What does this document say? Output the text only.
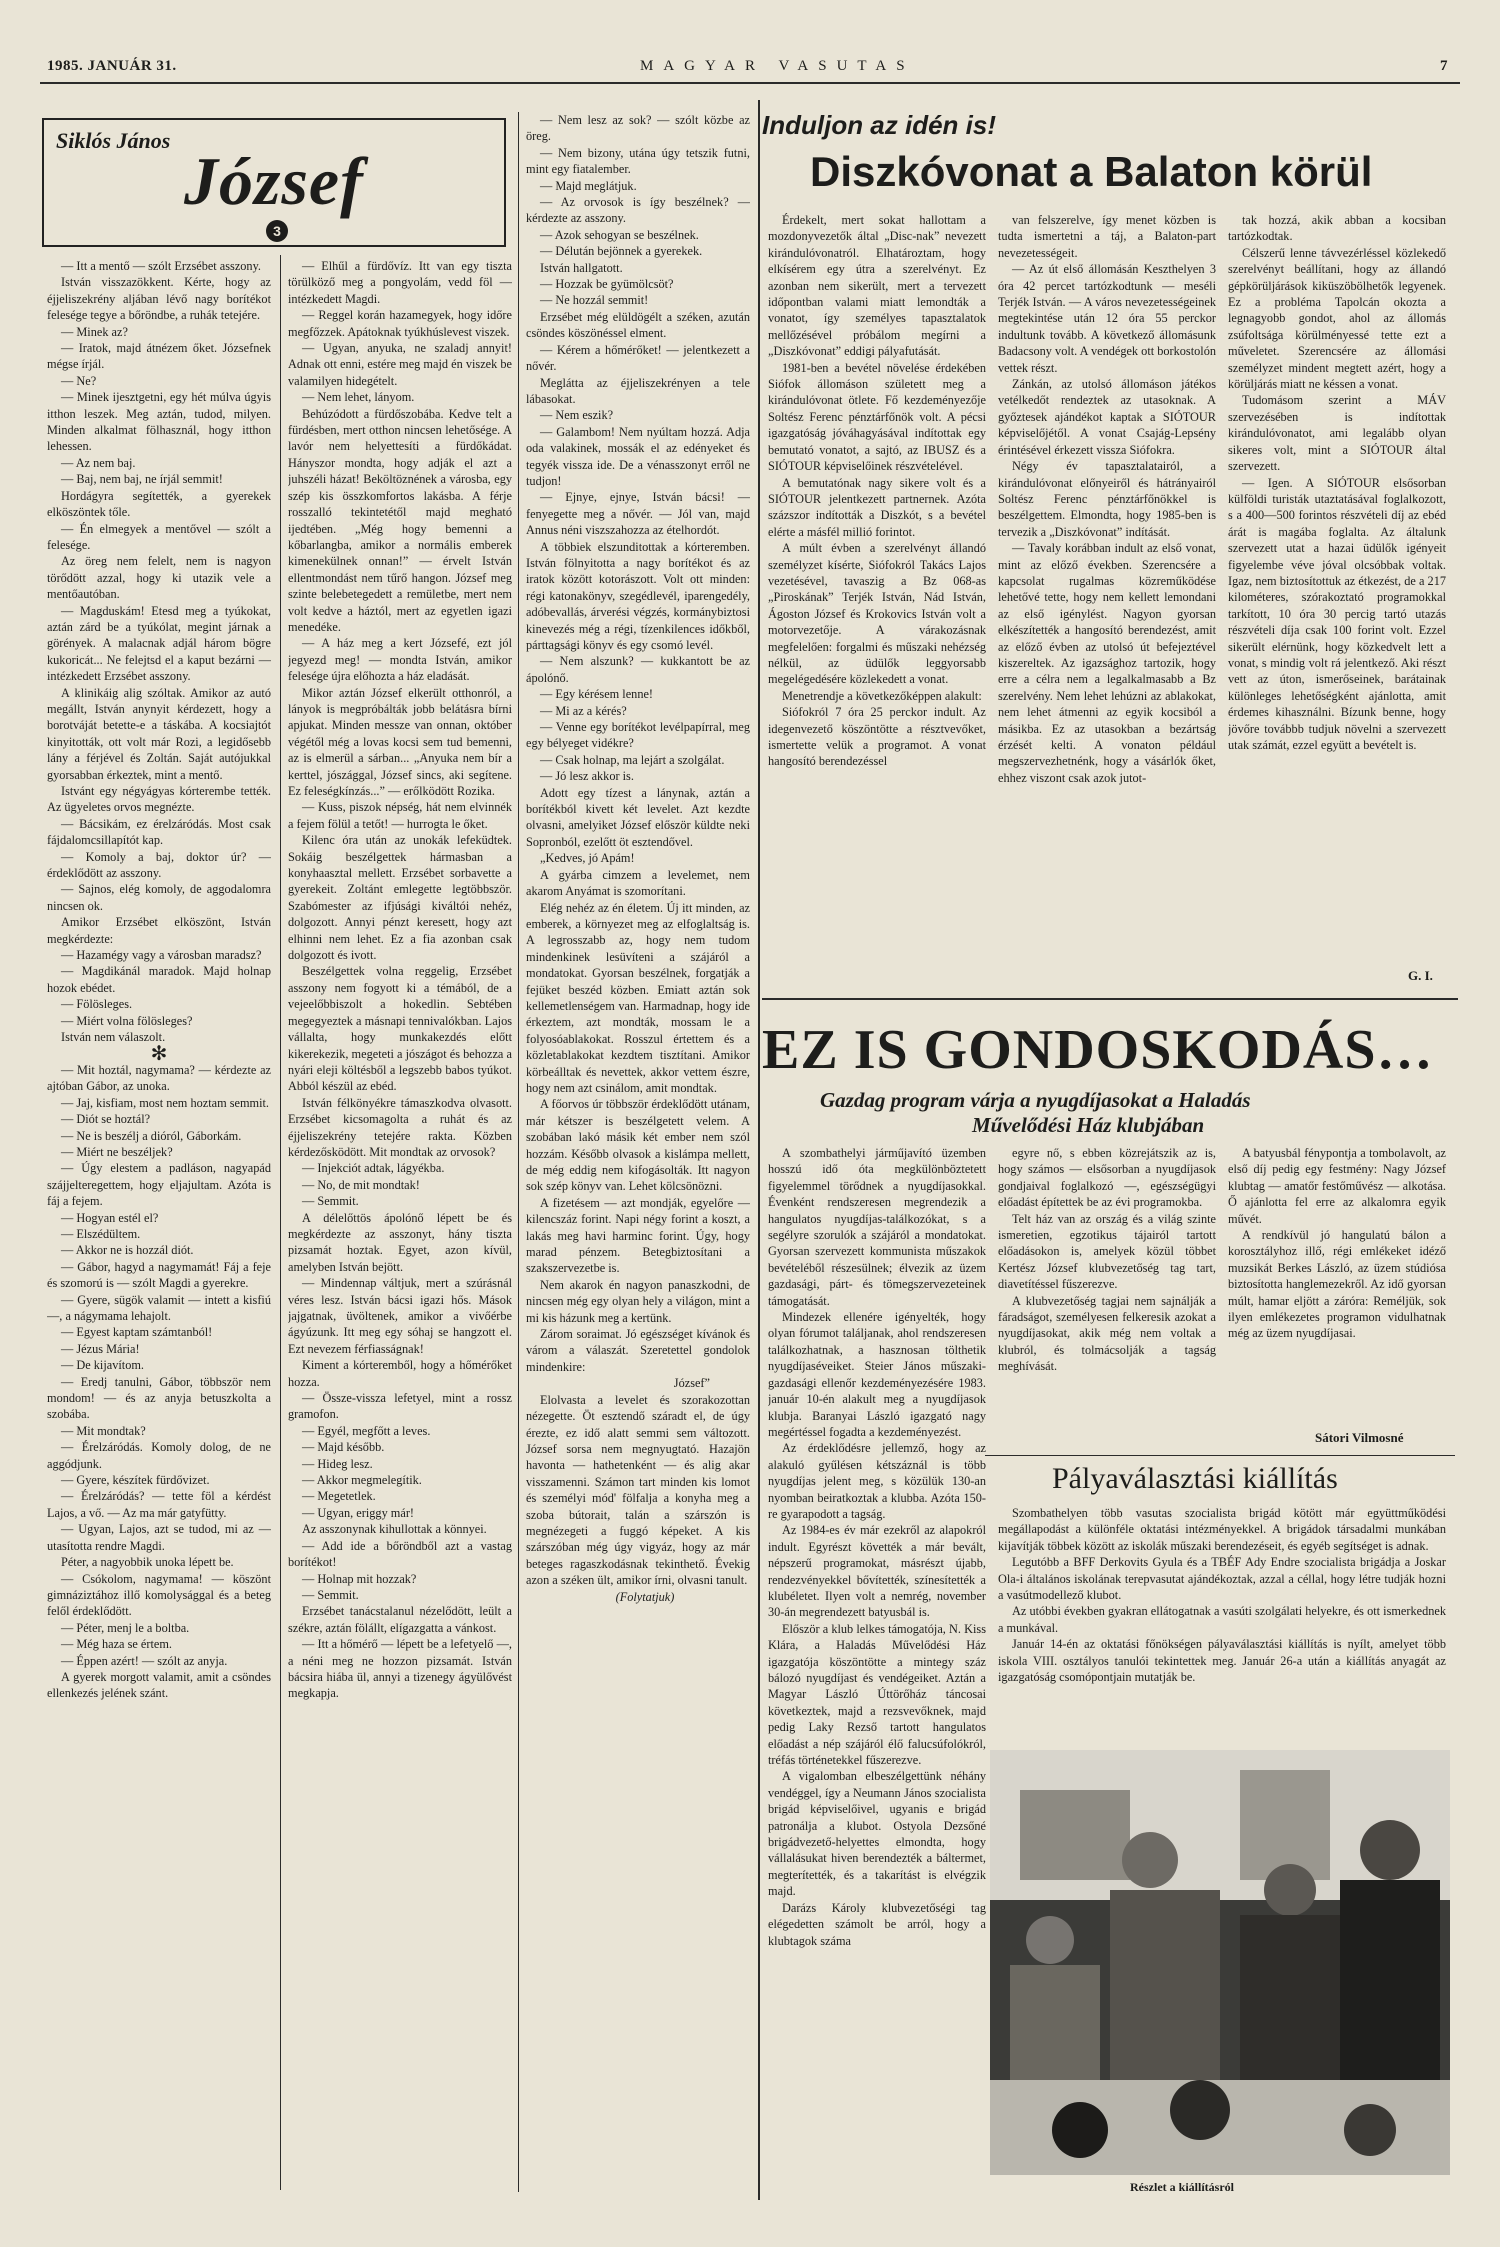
1985. JANUÁR 31.	MAGYAR VASUTAS	7
Siklós János
József
3

— Itt a mentő — szólt Erzsébet asszony.

István visszazökkent. Kérte, hogy az éjjeliszekrény aljában lévő nagy borítékot felesége tegye a bőröndbe, a ruhák tetejére.

— Minek az?

— Iratok, majd átnézem őket. Józsefnek mégse írjál.

— Ne?

— Minek ijesztgetni, egy hét múlva úgyis itthon leszek. Meg aztán, tudod, milyen. Minden alkalmat fölhasznál, hogy itthon lehessen.

— Az nem baj.

— Baj, nem baj, ne írjál semmit!

Hordágyra segítették, a gyerekek elköszöntek tőle.

— Én elmegyek a mentővel — szólt a felesége.

Az öreg nem felelt, nem is nagyon törődött azzal, hogy ki utazik vele a mentőautóban.

— Magduskám! Etesd meg a tyúkokat, aztán zárd be a tyúkólat, megint járnak a görények. A malacnak adjál három bögre kukoricát... Ne felejtsd el a kaput bezárni — intézkedett Erzsébet asszony.

A klinikáig alig szóltak. Amikor az autó megállt, István anynyit kérdezett, hogy a borotváját betette-e a táskába. A kocsiajtót kinyitották, ott volt már Rozi, a legidősebb lány a férjével és Zoltán. Saját autójukkal gyorsabban érkeztek, mint a mentő.

Istvánt egy négyágyas kórterembe tették. Az ügyeletes orvos megnézte.

— Bácsikám, ez érelzáródás. Most csak fájdalomcsillapítót kap.

— Komoly a baj, doktor úr? — érdeklődött az asszony.

— Sajnos, elég komoly, de aggodalomra nincsen ok.

Amikor Erzsébet elköszönt, István megkérdezte:

— Hazamégy vagy a városban maradsz?

— Magdikánál maradok. Majd holnap hozok ebédet.

— Fölösleges.

— Miért volna fölösleges?

István nem válaszolt.

✻

— Mit hoztál, nagymama? — kérdezte az ajtóban Gábor, az unoka.

— Jaj, kisfiam, most nem hoztam semmit.

— Diót se hoztál?

— Ne is beszélj a dióról, Gáborkám.

— Miért ne beszéljek?

— Úgy elestem a padláson, nagyapád szájjelteregettem, hogy eljajultam. Azóta is fáj a fejem.

— Hogyan estél el?

— Elszédültem.

— Akkor ne is hozzál diót.

— Gábor, hagyd a nagymamát! Fáj a feje és szomorú is — szólt Magdi a gyerekre.

— Gyere, sügök valamit — intett a kisfiú —, a nágymama lehajolt.

— Egyest kaptam számtanból!

— Jézus Mária!

— De kijavítom.

— Eredj tanulni, Gábor, többször nem mondom! — és az anyja betuszkolta a szobába.

— Mit mondtak?

— Érelzáródás. Komoly dolog, de ne aggódjunk.

— Gyere, készítek fürdővizet.

— Érelzáródás? — tette föl a kérdést Lajos, a vő. — Az ma már gatyfütty.

— Ugyan, Lajos, azt se tudod, mi az — utasította rendre Magdi.

Péter, a nagyobbik unoka lépett be.

— Csókolom, nagymama! — köszönt gimnáziztához illő komolysággal és a beteg felől érdeklődött.

— Péter, menj le a boltba.

— Még haza se értem.

— Éppen azért! — szólt az anyja.

A gyerek morgott valamit, amit a csöndes ellenkezés jelének szánt.

— Elhűl a fürdővíz. Itt van egy tiszta törülköző meg a pongyolám, vedd föl — intézkedett Magdi.

— Reggel korán hazamegyek, hogy időre megfőzzek. Apátoknak tyúkhúslevest viszek.

— Ugyan, anyuka, ne szaladj annyit! Adnak ott enni, estére meg majd én viszek be valamilyen hidegételt.

— Nem lehet, lányom.

Behúzódott a fürdőszobába. Kedve telt a fürdésben, mert otthon nincsen lehetősége. A lavór nem helyettesíti a fürdőkádat. Hányszor mondta, hogy adják el azt a juhszéli házat! Beköltöznének a városba, egy szép kis összkomfortos lakásba. A férje rosszalló tekintetétől majd megható ijedtében. „Még hogy bemenni a kőbarlangba, amikor a normális emberek kimenekülnek onnan!” — érvelt István ellentmondást nem tűrő hangon. József meg szinte belebetegedett a remületbe, mert nem volt kedve a háztól, mert az egyetlen igazi menedéke.

— A ház meg a kert Józsefé, ezt jól jegyezd meg! — mondta István, amikor felesége újra előhozta a ház eladását.

Mikor aztán József elkerült otthonról, a lányok is megpróbálták jobb belátásra bírni apjukat. Minden messze van onnan, október végétől még a lovas kocsi sem tud bemenni, az is elmerül a sárban... „Anyuka nem bír a kerttel, jószággal, József sincs, aki segítene. Ez feleségkínzás...” — erőlködött Rozika.

— Kuss, piszok népség, hát nem elvinnék a fejem fölül a tetőt! — hurrogta le őket.

Kilenc óra után az unokák lefeküdtek. Sokáig beszélgettek hármasban a konyhaasztal mellett. Erzsébet sorbavette a gyerekeit. Zoltánt emlegette legtöbbször. Szabómester az ifjúsági kiváltói nehéz, dolgozott. Annyi pénzt keresett, hogy azt elhinni nem lehet. Ez a fia azonban csak dolgozott és ivott.

Beszélgettek volna reggelig, Erzsébet asszony nem fogyott ki a témából, de a vejeelőbbiszolt a hokedlin. Sebtében megegyeztek a másnapi tennivalókban. Lajos vállalta, hogy munkakezdés előtt kikerekezik, megeteti a jószágot és behozza a nyári eleji költésből a legszebb babos tyúkot. Abból készül az ebéd.

István félkönyékre támaszkodva olvasott. Erzsébet kicsomagolta a ruhát és az éjjeliszekrény tetejére rakta. Közben kérdezősködött. Mit mondtak az orvosok?

— Injekciót adtak, lágyékba.

— No, de mit mondtak!

— Semmit.

A délelőttös ápolónő lépett be és megkérdezte az asszonyt, hány tiszta pizsamát hoztak. Egyet, azon kívül, amelyben István bejött.

— Mindennap váltjuk, mert a szúrásnál véres lesz. István bácsi igazi hős. Mások jajgatnak, üvöltenek, amikor a vivőérbe ágyúzunk. Itt meg egy sóhaj se hangzott el. Ezt nevezem férfiasságnak!

Kiment a kórteremből, hogy a hőmérőket hozza.

— Össze-vissza lefetyel, mint a rossz gramofon.

— Egyél, megfőtt a leves.

— Majd később.

— Hideg lesz.

— Akkor megmelegítik.

— Megetetlek.

— Ugyan, eriggy már!

Az asszonynak kihullottak a könnyei.

— Add ide a bőröndből azt a vastag borítékot!

— Holnap mit hozzak?

— Semmit.

Erzsébet tanácstalanul nézelődött, leült a székre, aztán fölállt, elígazgatta a vánkost.

— Itt a hőmérő — lépett be a lefetyelő —, a néni meg ne hozzon pizsamát. István bácsira hiába ül, annyi a tizenegy ágyülővést megkapja.

— Nem lesz az sok? — szólt közbe az öreg.

— Nem bizony, utána úgy tetszik futni, mint egy fiatalember.

— Majd meglátjuk.

— Az orvosok is így beszélnek? — kérdezte az asszony.

— Azok sehogyan se beszélnek.

— Délután bejönnek a gyerekek.

István hallgatott.

— Hozzak be gyümölcsöt?

— Ne hozzál semmit!

Erzsébet még elüldögélt a széken, azután csöndes köszönéssel elment.

— Kérem a hőmérőket! — jelentkezett a nővér.

Meglátta az éjjeliszekrényen a tele lábasokat.

— Nem eszik?

— Galambom! Nem nyúltam hozzá. Adja oda valakinek, mossák el az edényeket és tegyék vissza ide. De a vénasszonyt erről ne tudjon!

— Ejnye, ejnye, István bácsi! — fenyegette meg a nővér. — Jól van, majd Annus néni viszszahozza az ételhordót.

A többiek elszunditottak a kórteremben. István fölnyitotta a nagy borítékot és az iratok között kotorászott. Volt ott minden: régi katonakönyv, szegédlevél, iparengedély, adóbevallás, árverési végzés, kormánybiztosi kinevezés még a régi, tízenkilences időkből, párttagsági könyv és egy csomó levél.

— Nem alszunk? — kukkantott be az ápolónő.

— Egy kérésem lenne!

— Mi az a kérés?

— Venne egy borítékot levélpapírral, meg egy bélyeget vidékre?

— Csak holnap, ma lejárt a szolgálat.

— Jó lesz akkor is.

Adott egy tízest a lánynak, aztán a borítékból kivett két levelet. Azt kezdte olvasni, amelyiket József először küldte neki Sopronból, ezelőtt öt esztendővel.

„Kedves, jó Apám!

A gyárba cimzem a levelemet, nem akarom Anyámat is szomorítani.

Elég nehéz az én életem. Új itt minden, az emberek, a környezet meg az elfoglaltság is. A legrosszabb az, hogy nem tudom mindenkinek lesüvíteni a szájáról a mondatokat. Gyorsan beszélnek, forgatják a fejüket beszéd közben. Emiatt aztán sok kellemetlenségem van. Harmadnap, hogy ide érkeztem, azt mondták, mossam le a folyosóablakokat. Rosszul értettem és a közletablakokat kezdtem tisztítani. Amikor körbeálltak és nevettek, akkor vettem észre, hogy nem azt csinálom, amit mondtak.

A főorvos úr többször érdeklődött utánam, már kétszer is beszélgetett velem. A szobában lakó másik két ember nem szól hozzám. Később olvasok a kislámpa mellett, de még eddig nem kifogásolták. Itt nagyon sok szép könyv van. Lehet kölcsönözni.

A fizetésem — azt mondják, egyelőre — kilencszáz forint. Napi négy forint a koszt, a lakás meg havi harminc forint. Úgy, hogy marad pénzem. Betegbiztosítani a szakszervezetbe is.

Nem akarok én nagyon panaszkodni, de nincsen még egy olyan hely a világon, mint a mi kis házunk meg a kertünk.

Zárom soraimat. Jó egészséget kívánok és várom a válaszát. Szeretettel gondolok mindenkire:

József”

Elolvasta a levelet és szorakozottan nézegette. Öt esztendő száradt el, de úgy érezte, ez idő alatt semmi sem változott. József sorsa nem megnyugtató. Hazajön havonta — hathetenként — és alig akar visszamenni. Számon tart minden kis lomot és személyi mód' fölfalja a konyha meg a szoba bútorait, talán a szárszón is megnézegeti a fuggó képeket. A kis szárszóban még úgy vigyáz, hogy az már beteges ragaszkodásnak tekinthető. Évekig azon a széken ült, amikor írni, olvasni tanult.

(Folytatjuk)

Induljon az idén is!
Diszkóvonat a Balaton körül

Érdekelt, mert sokat hallottam a mozdonyvezetők által „Disc-nak” nevezett kirándulóvonatról. Elhatároztam, hogy elkísérem egy útra a szerelvényt. Ez azonban nem sikerült, mert a tervezett időpontban valami miatt lemondták a vonatot, így személyes tapasztalatok mellőzésével próbálom megírni a „Diszkóvonat” eddigi pályafutását.

1981-ben a bevétel növelése érdekében Siófok állomáson született meg a kirándulóvonat ötlete. Fő kezdeményezője Soltész Ferenc pénztárfőnök volt. A pécsi igazgatóság jóváhagyásával indítottak egy bemutató vonatot, a sajtó, az IBUSZ és a SIÓTOUR képviselőinek részvételével.

A bemutatónak nagy sikere volt és a SIÓTOUR jelentkezett partnernek. Azóta százszor indították a Diszkót, s a bevétel elérte a másfél millió forintot.

A múlt évben a szerelvényt állandó személyzet kísérte, Siófokról Takács Lajos vezetésével, tavaszig a Bz 068-as „Piroskának” Terjék István, Nád István, Ágoston József és Krokovics István volt a motorvezetője. A várakozásnak megfelelően: forgalmi és műszaki nehézség nélkül, az üdülők leggyorsabb megelégedésére közlekedett a vonat.

Menetrendje a következőképpen alakult:

Siófokról 7 óra 25 perckor indult. Az idegenvezető köszöntötte a résztvevőket, ismertette velük a programot. A vonat hangosító berendezéssel

van felszerelve, így menet közben is tudta ismertetni a táj, a Balaton-part nevezetességeit.

— Az út első állomásán Keszthelyen 3 óra 42 percet tartózkodtunk — meséli Terjék István. — A város nevezetességeinek megtekintése után 12 óra 55 perckor indultunk tovább. A következő állomásunk Badacsony volt. A vendégek ott borkostolón vettek részt.

Zánkán, az utolsó állomáson játékos vetélkedőt rendeztek az utasoknak. A győztesek ajándékot kaptak a SIÓTOUR képviselőjétől. A vonat Csajág-Lepsény érintésével érkezett vissza Siófokra.

Négy év tapasztalatairól, a kirándulóvonat előnyeiről és hátrányairól Soltész Ferenc pénztárfőnökkel is beszélgettem. Elmondta, hogy 1985-ben is tervezik a „Diszkóvonat” indítását.

— Tavaly korábban indult az első vonat, mint az előző években. Szerencsére a kapcsolat rugalmas közreműködése lehetővé tette, hogy nem kellett lemondani az első igénylést. Nagyon gyorsan elkészítették a hangosító berendezést, amit az előző évben az utolsó út befejeztével kiszereltek. Az igazsághoz tartozik, hogy erre a célra nem a legalkalmasabb a Bz szerelvény. Nem lehet lehúzni az ablakokat, nem lehet átmenni az egyik kocsiból a másikba. Ez az utasokban a bezártság érzését kelti. A vonaton például megszervezhetnénk, hogy a vásárlók őket, ehhez viszont csak azok jutot-

tak hozzá, akik abban a kocsiban tartózkodtak.

Célszerű lenne távvezérléssel közlekedő szerelvényt beállítani, hogy az állandó gépkörüljárások kiküszöbölhetők legyenek. Ez a probléma Tapolcán okozta a legnagyobb gondot, ahol az állomás zsúfoltsága körülményessé tette ezt a műveletet. Szerencsére az állomási személyzet mindent megtett azért, hogy a körüljárás miatt ne késsen a vonat.

Tudomásom szerint a MÁV szervezésében is indítottak kirándulóvonatot, ami legalább olyan sikeres volt, mint a SIÓTOUR által szervezett.

— Igen. A SIÓTOUR elsősorban külföldi turisták utaztatásával foglalkozott, s a 400—500 forintos részvételi díj az ebéd árát is magába foglalta. Az általunk szervezett utat a hazai üdülők igényeit figyelembe véve jóval olcsóbbak voltak. Igaz, nem biztosítottuk az étkezést, de a 217 kilométeres, szórakoztató programokkal tarkított, 10 óra 30 percig tartó utazás részvételi díja csak 100 forint volt. Ezzel sikerült elérnünk, hogy közkedvelt lett a vonat, s mindig volt rá jelentkező. Aki részt vett az úton, ismerőseinek, barátainak különleges lehetőségként ajánlotta, amit érdemes kihasználni. Bízunk benne, hogy jövőre továbbb tudjuk növelni a szervezett utak számát, ezzel együtt a bevételt is.

G. I.
EZ IS GONDOSKODÁS…
Gazdag program várja a nyugdíjasokat a Haladás
Művelődési Ház klubjában

A szombathelyi járműjavító üzemben hosszú idő óta megkülönböztetett figyelemmel törődnek a nyugdíjasokkal. Évenként rendszeresen megrendezik a hangulatos nyugdíjas-találkozókat, s a segélyre szorulók a szájáról a mondatokat. Gyorsan szervezett kommunista műszakok bevételéből részesülnek; élvezik az üzem gazdasági, párt- és tömegszervezeteinek támogatását.

Mindezek ellenére igényelték, hogy olyan fórumot találjanak, ahol rendszeresen találkozhatnak, a hasznosan tölthetik nyugdíjaséveiket. Steier János műszaki-gazdasági ellenőr kezdeményezésére 1983. január 10-én alakult meg a nyugdíjasok klubja. Baranyai László igazgató nagy megértéssel fogadta a kezdeményezést.

Az érdeklődésre jellemző, hogy az alakuló gyűlésen kétszáznál is több nyugdíjas jelent meg, s közülük 130-an nyomban beiratkoztak a klubba. Azóta 150-re gyarapodott a tagság.

Az 1984-es év már ezekről az alapokról indult. Egyrészt követték a már bevált, népszerű programokat, másrészt újabb, rendezvényekkel bővítették, színesítették a klubéletet. Ilyen volt a nemrég, november 30-án megrendezett batyusbál is.

Először a klub lelkes támogatója, N. Kiss Klára, a Haladás Művelődési Ház igazgatója köszöntötte a mintegy száz bálozó nyugdíjast és vendégeiket. Aztán a Magyar László Úttörőház táncosai következtek, majd a rezsvevőknek, majd pedig Laky Rezső tartott hangulatos előadást a nép szájáról élő falucsúfolókról, tréfás történetekkel fűszerezve.

A vigalomban elbeszélgettünk néhány vendéggel, így a Neumann János szocialista brigád képviselőivel, ugyanis e brigád patronálja a klubot. Ostyola Dezsőné brigádvezető-helyettes elmondta, hogy vállalásukat hiven berendezték a báltermet, megterítették, és a takarítást is elvégzik majd.

Darázs Károly klubvezetőségi tag elégedetten számolt be arról, hogy a klubtagok száma

egyre nő, s ebben közrejátszik az is, hogy számos — elsősorban a nyugdíjasok gondjaival foglalkozó —, egészségügyi előadást építettek be az évi programokba.

Telt ház van az ország és a világ szinte ismeretien, egzotikus tájairól tartott előadásokon is, amelyek közül többet Kertész József klubvezetőség tag tart, diavetítéssel fűszerezve.

A klubvezetőség tagjai nem sajnálják a fáradságot, személyesen felkeresik azokat a nyugdíjasokat, akik még nem voltak a klubról, és tolmácsolják a tagság meghívását.

A batyusbál fénypontja a tombolavolt, az első díj pedig egy festmény: Nagy József klubtag — amatőr festőművész — alkotása. Ő ajánlotta fel erre az alkalomra egyik művét.

A rendkívül jó hangulatú bálon a korosztályhoz illő, régi emlékeket idéző muzsikát Berkes László, az üzem stúdiósa biztosította hanglemezekről. Az idő gyorsan múlt, hamar eljött a záróra: Reméljük, sok ilyen emlékezetes programon vidulhatnak még az üzem nyugdíjasai.

Sátori Vilmosné
Pályaválasztási kiállítás

Szombathelyen több vasutas szocialista brigád kötött már együttműködési megállapodást a különféle oktatási intézményekkel. A brigádok társadalmi munkában kijavítják többek között az iskolák műszaki berendezéseit, és egyéb segítséget is adnak.

Legutóbb a BFF Derkovits Gyula és a TBÉF Ady Endre szocialista brigádja a Joskar Ola-i általános iskolának terepvasutat ajándékoztak, azzal a céllal, hogy létre tudják hozni a vasútmodellező klubot.

Az utóbbi években gyakran ellátogatnak a vasúti szolgálati helyekre, és ott ismerkednek a munkával.

Január 14-én az oktatási főnökségen pályaválasztási kiállítás is nyílt, amelyet több iskola VIII. osztályos tanulói tekintettek meg. Január 26-a után a kiállítás anyagát az igazgatóság csomópontjain mutatják be.

Részlet a kiállításról
